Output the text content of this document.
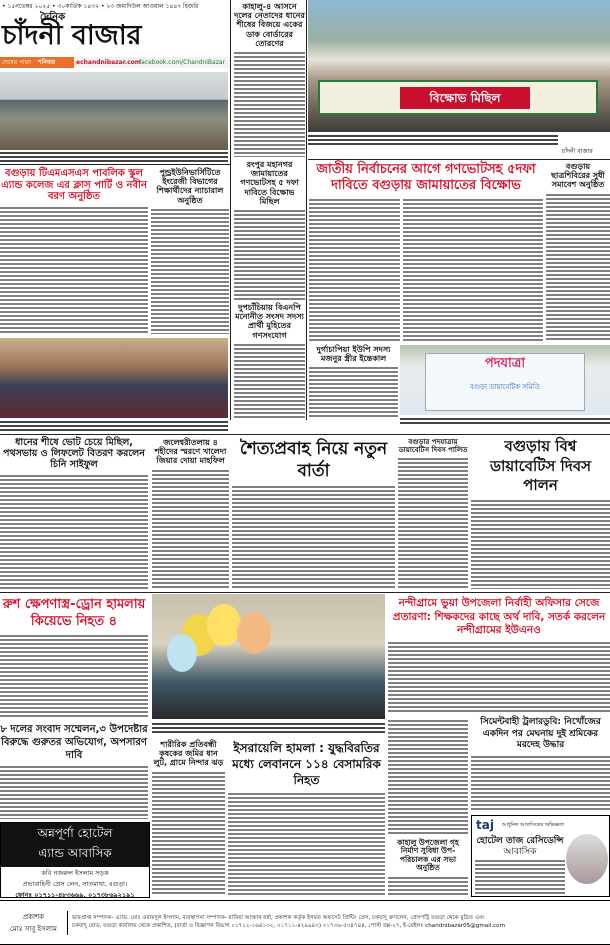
• ১৫নভেম্বর ২০২৫ • ৩০কার্তিক ১৪৩২ • ২৩ জমাদিউল আওয়াল ১৪৪৭ হিজরি
দৈনিক
চাঁদনী বাজার
শেষের পাতা	শনিবার	echandnibazar.com
facebook.com/ChandniBazar
কাহালু-৪ আসনে দলের নেতাদের ধানের শীষের বিজয়ে একের ডাক বোর্ডারের তোরণের
বিক্ষোভ মিছিল
চাঁদনী বাজার
বগুড়ায় টিএমএসএস পাবলিক স্কুল এ্যান্ড কলেজ এর ক্লাস পার্টি ও নবীন বরণ অনুষ্ঠিত
পুন্ড্রইউনিভার্সিটিতে ইংরেজী বিভাগের শিক্ষার্থীদের ন্যাচারাল অনুষ্ঠিত
রংপুর মহানগর জামায়াতের গণভোটসহ ৫ দফা দাবিতে বিক্ষোভ মিছিল
দুপচাঁচিয়ায় বিএনপি মনোনীত সংসদ সদস্য প্রার্থী মুহিতের গণসংযোগ
জাতীয় নির্বাচনের আগে গণভোটসহ ৫দফা দাবিতে বগুড়ায় জামায়াতের বিক্ষোভ
বগুড়ায় ছাত্রশিবিরের সুধী সমাবেশ অনুষ্ঠিত
দুর্গাচাপিয়া ইউপি সদস্য মজনুর স্ত্রীর ইন্তেকাল	পদযাত্রা
বগুড়া ডায়াবেটিক সমিতি
ধানের শীষে ভোট চেয়ে মিছিল, পথসভায় ও লিফলেট বিতরণ করলেন চিনি সাইফুল
জলেশ্বরীতলায় ৪ শহীদের স্মরণে খালেদা জিয়ার দোয়া মাহফিল
শৈত্যপ্রবাহ নিয়ে নতুন বার্তা
বগুড়ার পদযাত্রায় ডায়াবেটিস দিবস পালিত	বগুড়ায় বিশ্ব ডায়াবেটিস দিবস পালন
রুশ ক্ষেপণাস্ত্র-ড্রোন হামলায় কিয়েভে নিহত ৪
নন্দীগ্রামে ভুয়া উপজেলা নির্বাহী অফিসার সেজে প্রতারণা: শিক্ষকদের কাছে অর্থ দাবি, সতর্ক করলেন নন্দীগ্রামের ইউএনও
৮ দলের সংবাদ সম্মেলন,৩ উপদেষ্টার বিরুদ্ধে গুরুতর অভিযোগ, অপসারণ দাবি
শারীরিক প্রতিবন্ধী কৃষকের জমির ধান লুট, গ্রামে নিন্দার ঝড়
ইসরায়েলি হামলা : যুদ্ধবিরতির মধ্যে লেবাননে ১১৪ বেসামরিক নিহত
কাহালু উপজেলা গৃহ নির্মাণ সুবিধা উপ-পরিচালক এর সভা অনুষ্ঠিত
সিমেন্টবাহী ট্রলারডুবি: নিখোঁজের একদিন পর মেঘনায় দুই শ্রমিকের মরদেহ উদ্ধার
অন্নপূর্ণা হোটেল
এ্যান্ড আবাসিক
কবি নজরুল ইসলাম সড়ক
প্রভাবাহিনী প্রেস লেন, সাতমাথা, বগুড়া।
ফোনঃ ০১৭১১-৪৮৩৬৬৯, ০১৭৩৮৬৯২১৯১
taj আধুনিক আবাসিকের অভিজ্ঞতা
হোটেল তাজ রেসিডেন্সি
আবাসিক
প্রকাশক
মোঃ সাবু ইসলাম
ভারপ্রাপ্ত সম্পাদক- এ্যাড. মোঃ ওবায়দুল ইসলাম, ব্যবস্থাপনা সম্পাদক- রাবিয়া আক্তার বর্ষা, প্রকাশক কর্তৃক ইসমত অফসেট প্রিন্টিং প্রেস, চকযাদু ক্রসলেন, প্রেসপট্টি বগুড়া থেকে মুদ্রিত এবং
চকযাদু রোড, বগুড়া কার্যালয় থেকে প্রকাশিত, (বার্তা ও বিজ্ঞাপন বিভাগ ০১৭১২-১৬৪১৩২, ০১৭১১-৪২৯৯৪০) ০১৭৩৬-৫০৪৭৪৪, পোস্ট বক্স-২৭, ই-মেইলঃ chandnibazar05@gmail.com
